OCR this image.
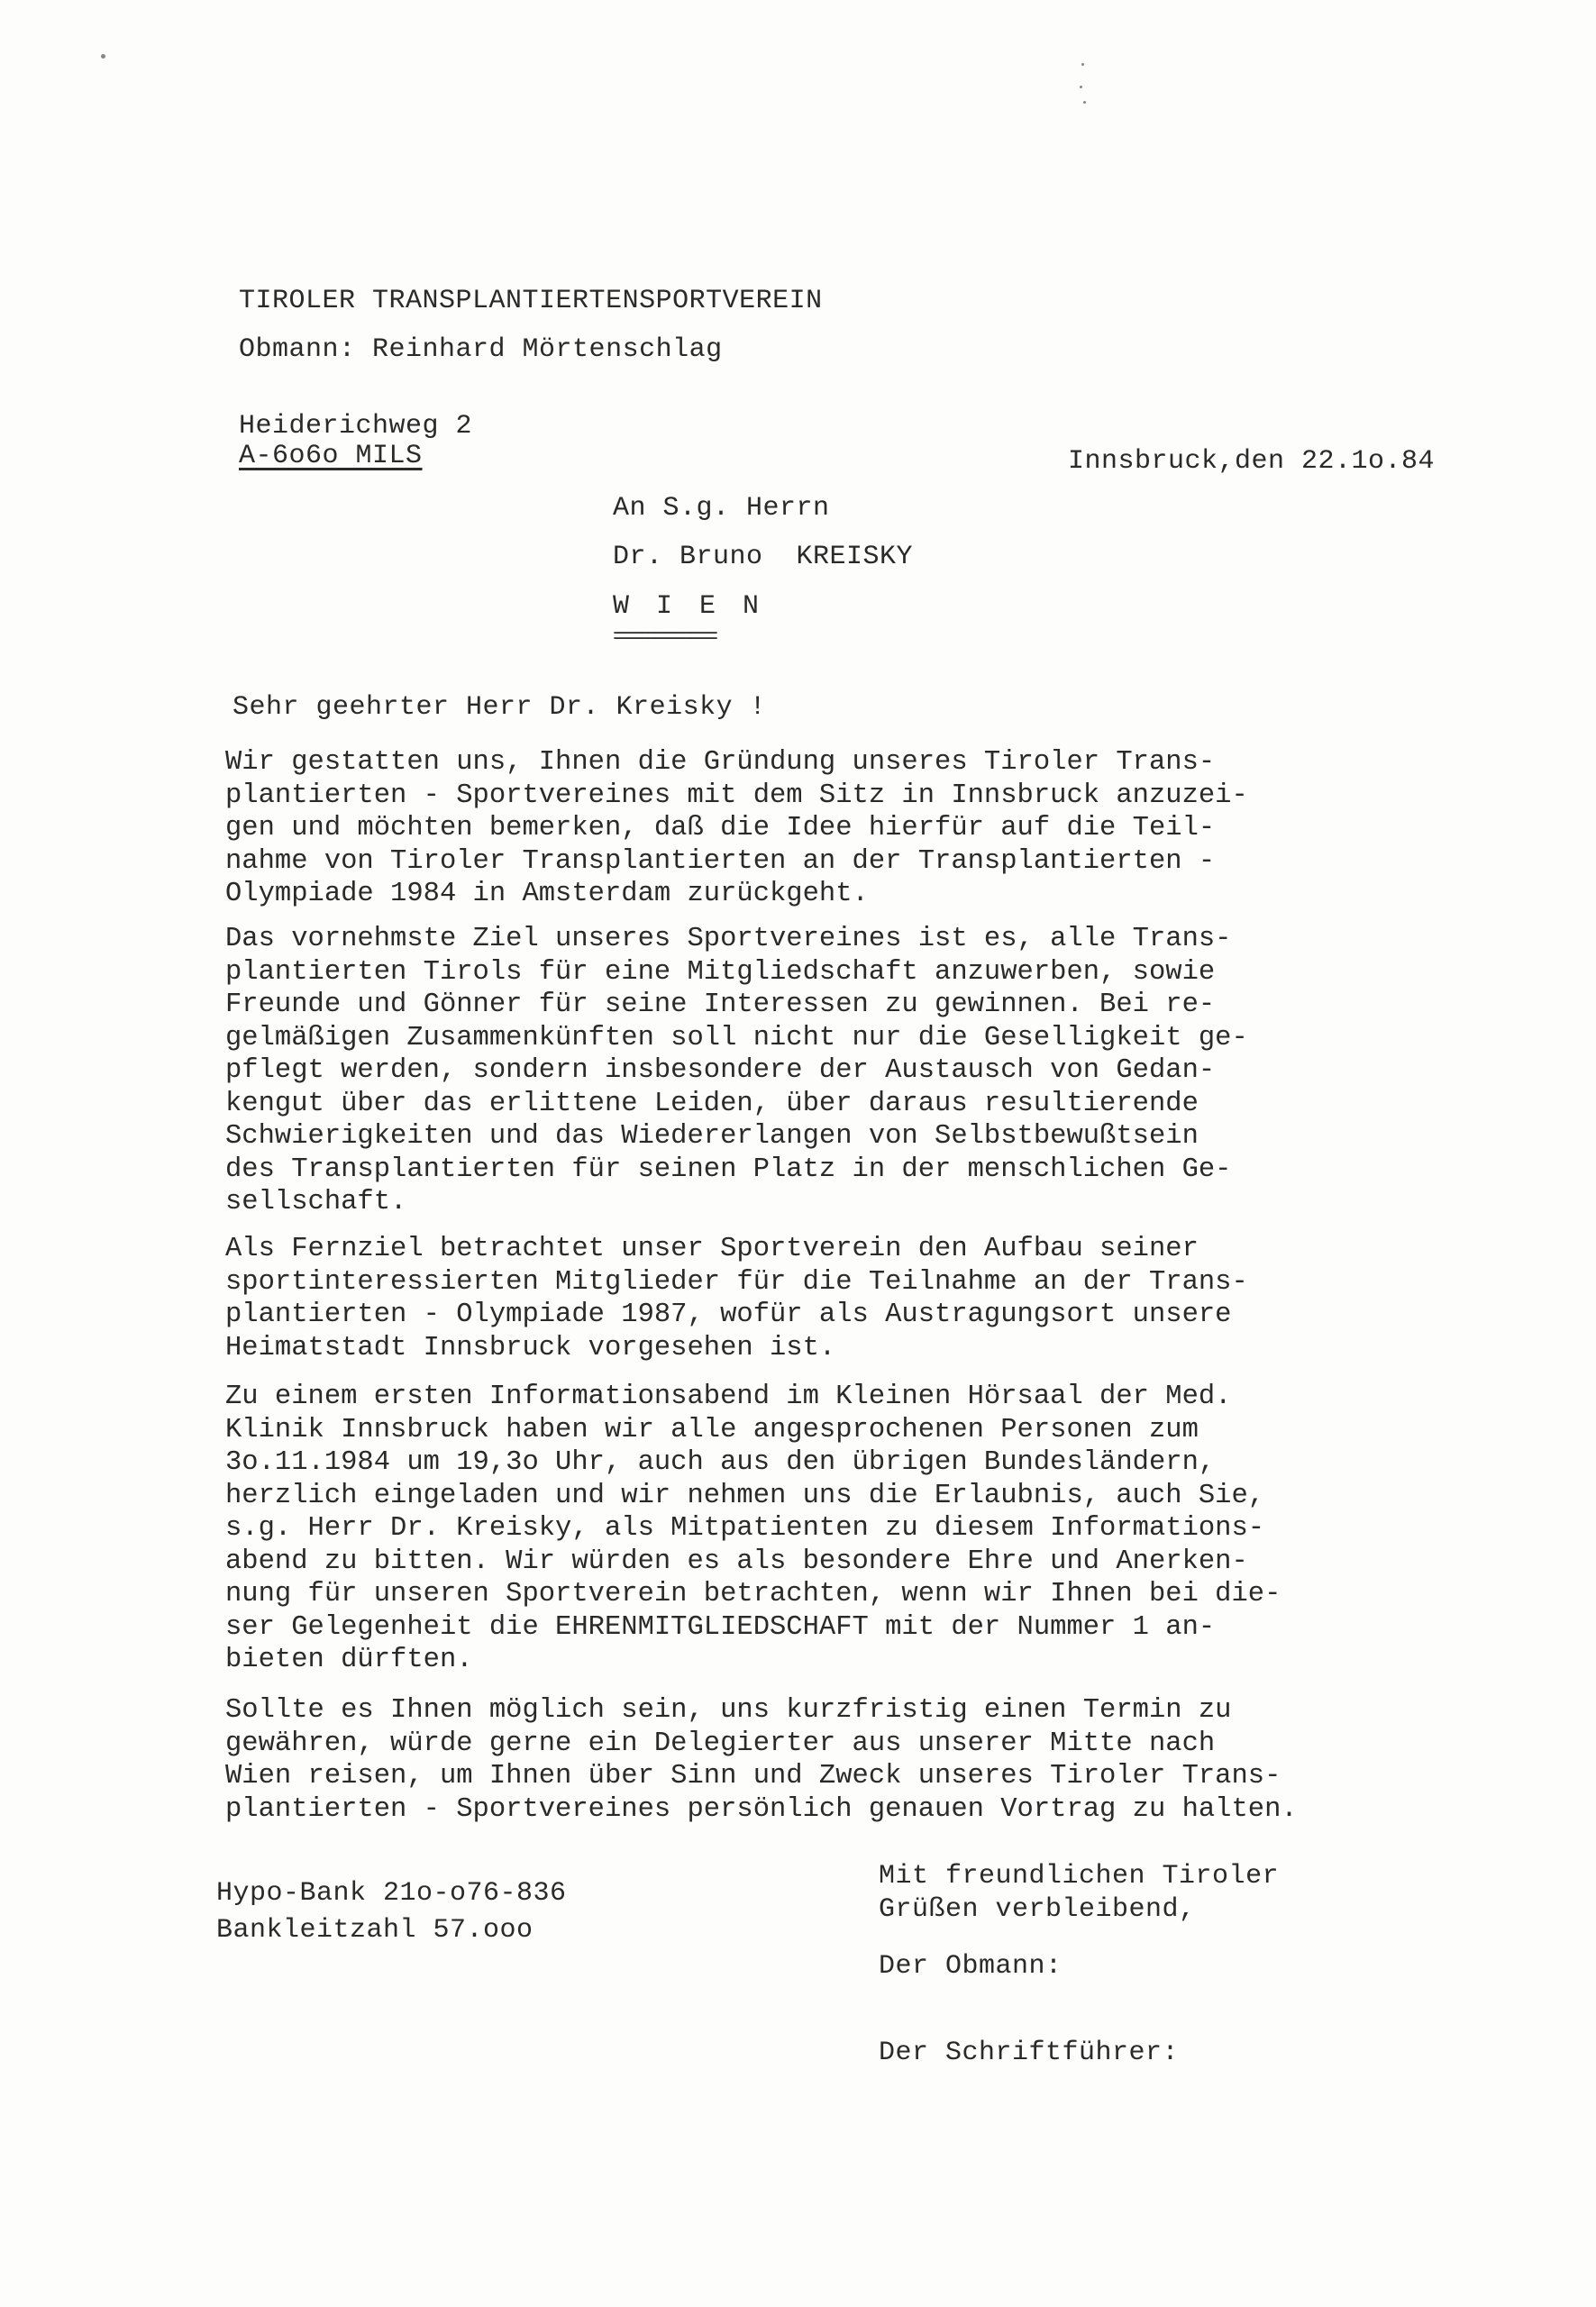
TIROLER TRANSPLANTIERTENSPORTVEREIN
Obmann: Reinhard Mörtenschlag
Heiderichweg 2
A-6o6o MILS	Innsbruck,den 22.1o.84
An S.g. Herrn
Dr. Bruno  KREISKY
WIEN
==========
Sehr geehrter Herr Dr. Kreisky !

Wir gestatten uns, Ihnen die Gründung unseres Tiroler Trans-
plantierten - Sportvereines mit dem Sitz in Innsbruck anzuzei-
gen und möchten bemerken, daß die Idee hierfür auf die Teil-
nahme von Tiroler Transplantierten an der Transplantierten -
Olympiade 1984 in Amsterdam zurückgeht.

Das vornehmste Ziel unseres Sportvereines ist es, alle Trans-
plantierten Tirols für eine Mitgliedschaft anzuwerben, sowie
Freunde und Gönner für seine Interessen zu gewinnen. Bei re-
gelmäßigen Zusammenkünften soll nicht nur die Geselligkeit ge-
pflegt werden, sondern insbesondere der Austausch von Gedan-
kengut über das erlittene Leiden, über daraus resultierende
Schwierigkeiten und das Wiedererlangen von Selbstbewußtsein
des Transplantierten für seinen Platz in der menschlichen Ge-
sellschaft.

Als Fernziel betrachtet unser Sportverein den Aufbau seiner
sportinteressierten Mitglieder für die Teilnahme an der Trans-
plantierten - Olympiade 1987, wofür als Austragungsort unsere
Heimatstadt Innsbruck vorgesehen ist.

Zu einem ersten Informationsabend im Kleinen Hörsaal der Med.
Klinik Innsbruck haben wir alle angesprochenen Personen zum
3o.11.1984 um 19,3o Uhr, auch aus den übrigen Bundesländern,
herzlich eingeladen und wir nehmen uns die Erlaubnis, auch Sie,
s.g. Herr Dr. Kreisky, als Mitpatienten zu diesem Informations-
abend zu bitten. Wir würden es als besondere Ehre und Anerken-
nung für unseren Sportverein betrachten, wenn wir Ihnen bei die-
ser Gelegenheit die EHRENMITGLIEDSCHAFT mit der Nummer 1 an-
bieten dürften.

Sollte es Ihnen möglich sein, uns kurzfristig einen Termin zu
gewähren, würde gerne ein Delegierter aus unserer Mitte nach
Wien reisen, um Ihnen über Sinn und Zweck unseres Tiroler Trans-
plantierten - Sportvereines persönlich genauen Vortrag zu halten.

Hypo-Bank 21o-o76-836
Bankleitzahl 57.ooo
Mit freundlichen Tiroler
Grüßen verbleibend,
Der Obmann:
Der Schriftführer:
